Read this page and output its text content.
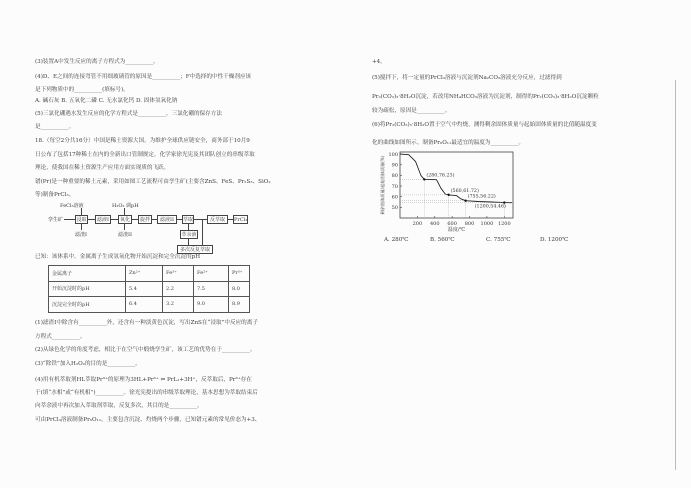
(3)装置A中发生反应的离子方程式为__________。
(4)D、E之间的连接弯管不用细玻璃管的原因是__________；F中选择的中性干燥剂应该
是下列物质中的__________(填标号)。
A. 碱石灰 B. 五氧化二磷 C. 无水氯化钙 D. 固体氢氧化钠
(5)三氯化硼遇水发生反应的化学方程式是__________，三氯化硼的保存方法
是__________。
18.（每空2分共16分）中国是稀土资源大国。为维护全球供应链安全，商务部于10月9
日公布了包括17种稀土在内的全新出口管制规定。化学家徐光宪及其团队创立的串级萃取
理论，使我国在稀土资源生产应用方面实现质的飞跃。
镨(Pr)是一种重要的稀土元素，采用如图工艺流程可由孪生矿(主要含ZnS、FeS、Pr₂S₃、SiO₂
等)制备PrCl₃。
(1)滤渣I中除含有__________外，还含有一种淡黄色沉淀，写出ZnS在“浸取”中反应的离子
方程式__________。
(2)从绿色化学的角度考虑，相比于在空气中煅烧孪生矿，该工艺的优势在于__________。
(3)“除铁”加入H₂O₂的目的是__________。
(4)用有机萃取剂HL萃取Pr³⁺的原理为3HL+Pr³⁺ ⇌ PrL₃+3H⁺，反萃取后，Pr³⁺存在
于(填“水相”或“有机相”)__________。徐光宪提出的串级萃取理论，基本思想为萃取结束后
向萃余液中再次加入萃取剂萃取，反复多次，其目的是__________。
可由PrCl₃溶液制备Pr₆O₁₁，主要包含沉淀、灼烧两个步骤，已知镨元素的常见价态为+3、
+4。
(5)搅拌下，将一定量的PrCl₃溶液与沉淀剂Na₂CO₃溶液充分反应，过滤得到
Pr₂(CO₃)₃·8H₂O沉淀，若改用NH₄HCO₃溶液为沉淀剂，制得的Pr₂(CO₃)₃·8H₂O沉淀颗粒
较为疏松，原因是__________。
(6)将Pr₂(CO₃)₃·8H₂O置于空气中灼烧，测得剩余固体质量与起始固体质量的比值随温度变
化的曲线如图所示。制备Pr₆O₁₁最适宜的温度为__________。
FeCl₃溶液	H₂O₂ 调pH
孪生矿	浸取	滤液I	氧化	旋拌	滤液II	萃取	反萃取	PrCl₃
滤渣I	滤渣II	萃余液
多次反复萃取
已知：该体系中，金属离子生成氢氧化物开始沉淀和完全沉淀的pH
金属离子	Zn²⁺	Fe³⁺	Fe²⁺	Pr³⁺
开始沉淀时的pH	5.4	2.2	7.5	8.0
沉淀完全时的pH	6.4	3.2	9.0	8.9
50
60
70
80
90
100
200 400 600 800 1000 1200
温度/℃
剩余固体质量/起始固体质量(%)	(280,76.23)
(560,61.72)
(755,56.22)
(1200,54.46)
A. 280℃	B. 560℃	C. 755℃	D. 1200℃
